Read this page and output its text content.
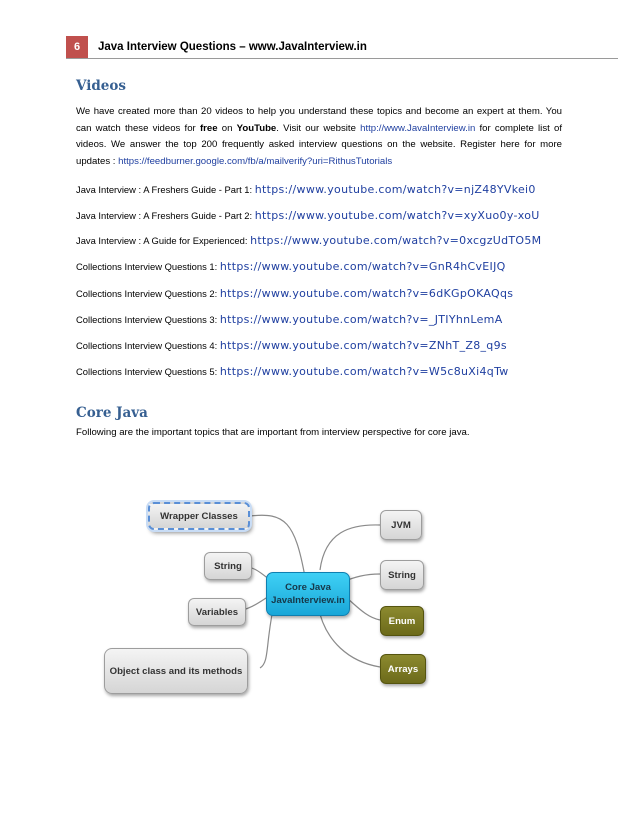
6	Java Interview Questions – www.JavaInterview.in
Videos

We have created more than 20 videos to help you understand these topics and become an expert at them. You can watch these videos for free on YouTube. Visit our website http://www.JavaInterview.in for complete list of videos. We answer the top 200 frequently asked interview questions on the website. Register here for more updates : https://feedburner.google.com/fb/a/mailverify?uri=RithusTutorials

Java Interview : A Freshers Guide - Part 1: https://www.youtube.com/watch?v=njZ48YVkei0
Java Interview : A Freshers Guide - Part 2: https://www.youtube.com/watch?v=xyXuo0y-xoU
Java Interview : A Guide for Experienced: https://www.youtube.com/watch?v=0xcgzUdTO5M
Collections Interview Questions 1: https://www.youtube.com/watch?v=GnR4hCvEIJQ
Collections Interview Questions 2: https://www.youtube.com/watch?v=6dKGpOKAQqs
Collections Interview Questions 3: https://www.youtube.com/watch?v=_JTIYhnLemA
Collections Interview Questions 4: https://www.youtube.com/watch?v=ZNhT_Z8_q9s
Collections Interview Questions 5: https://www.youtube.com/watch?v=W5c8uXi4qTw
Core Java
Following are the important topics that are important from interview perspective for core java.
Wrapper Classes
String
Variables
Object class and its methods
Core Java
JavaInterview.in
JVM
String
Enum
Arrays
